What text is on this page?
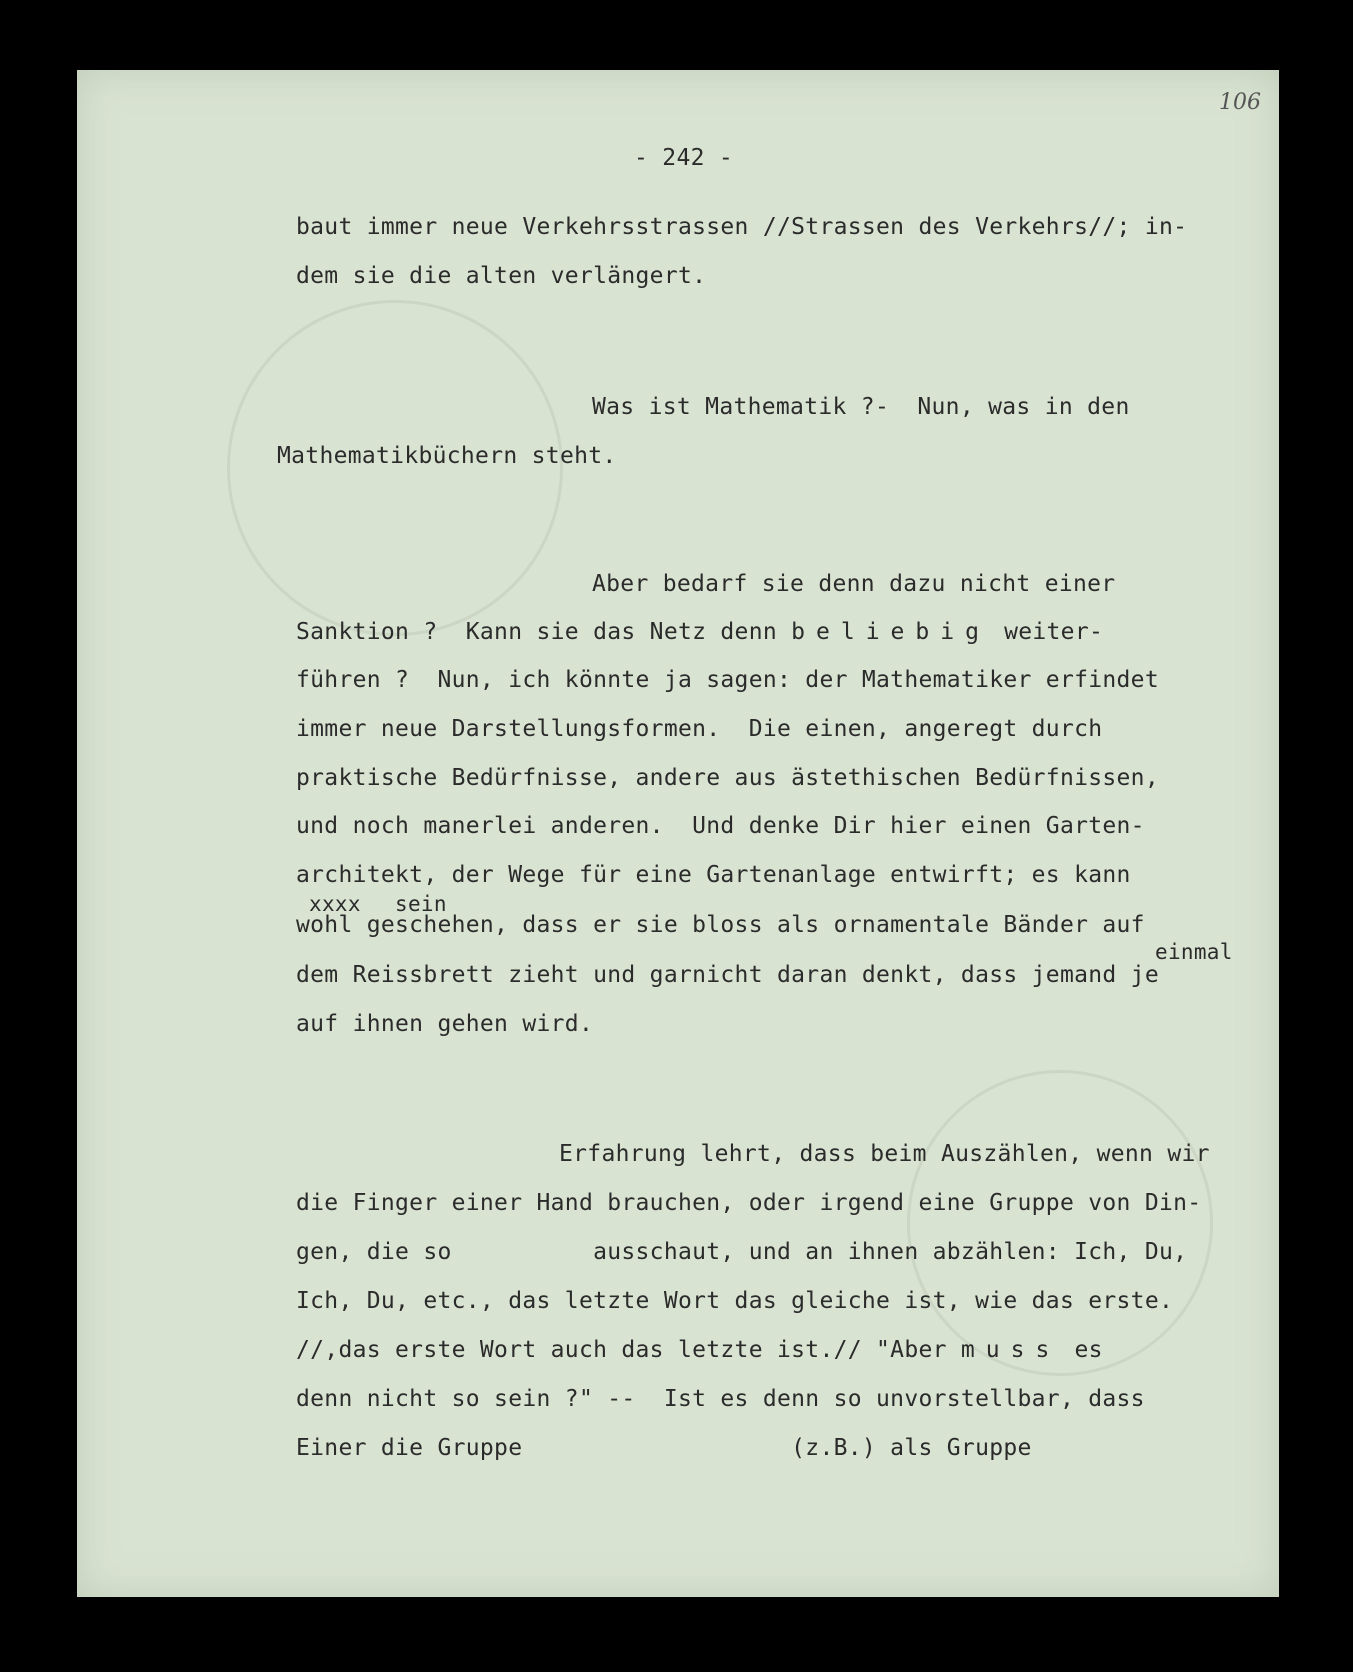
106

- 242 -

baut immer neue Verkehrsstrassen //Strassen des Verkehrs//; in-

dem sie die alten verlängert.

Was ist Mathematik ?-  Nun, was in den

Mathematikbüchern steht.

Aber bedarf sie denn dazu nicht einer

Sanktion ?  Kann sie das Netz denn beliebig weiter-

führen ?  Nun, ich könnte ja sagen: der Mathematiker erfindet

immer neue Darstellungsformen.  Die einen, angeregt durch

praktische Bedürfnisse, andere aus ästethischen Bedürfnissen,

und noch manerlei anderen.  Und denke Dir hier einen Garten-

architekt, der Wege für eine Gartenanlage entwirft; es kann

xxxx sein

wohl geschehen, dass er sie bloss als ornamentale Bänder auf

einmal

dem Reissbrett zieht und garnicht daran denkt, dass jemand je

auf ihnen gehen wird.

Erfahrung lehrt, dass beim Auszählen, wenn wir

die Finger einer Hand brauchen, oder irgend eine Gruppe von Din-

gen, die so          ausschaut, und an ihnen abzählen: Ich, Du,

Ich, Du, etc., das letzte Wort das gleiche ist, wie das erste.

//,das erste Wort auch das letzte ist.// "Aber muss es

denn nicht so sein ?" --  Ist es denn so unvorstellbar, dass

Einer die Gruppe                   (z.B.) als Gruppe
